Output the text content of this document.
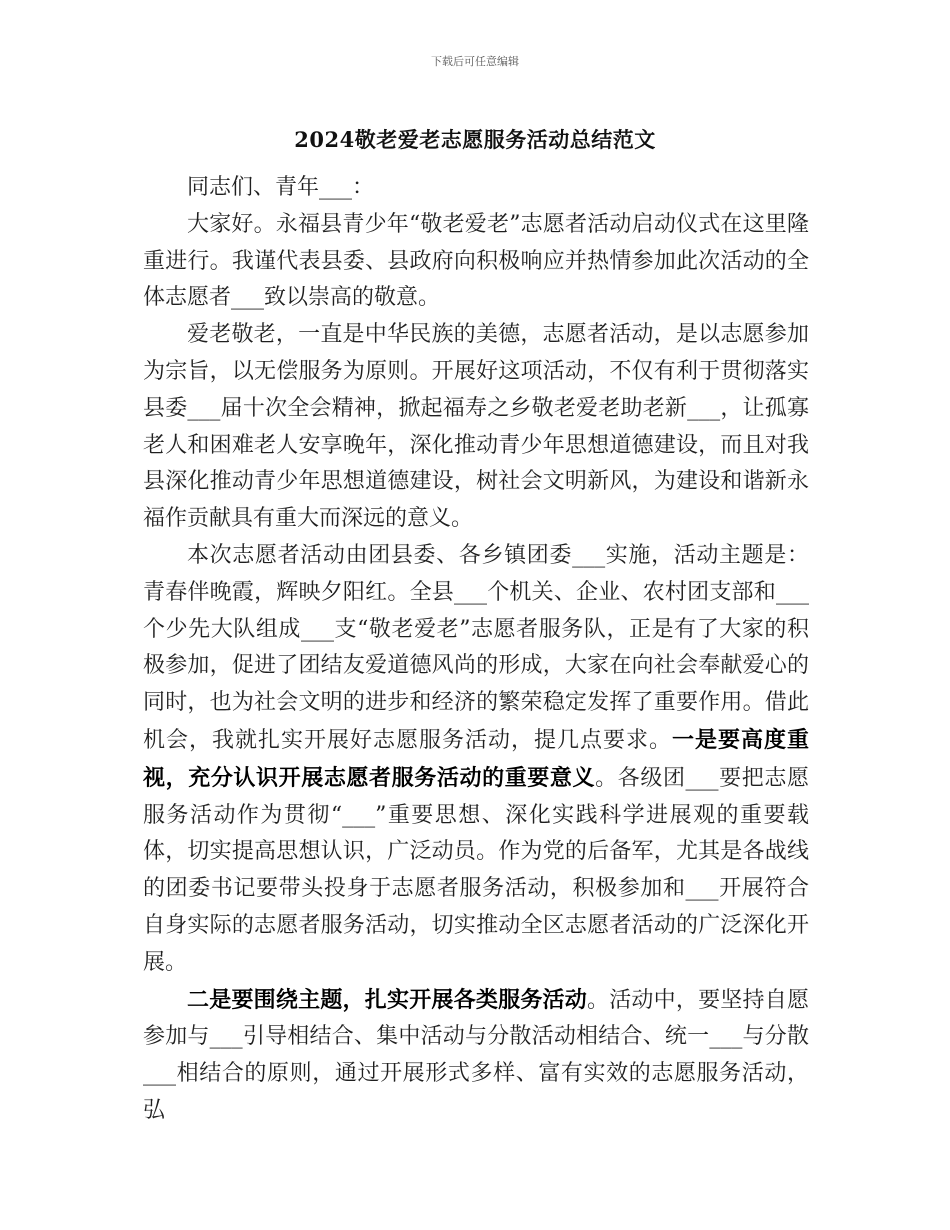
下载后可任意编辑
2024敬老爱老志愿服务活动总结范文

同志们、青年___：

大家好。永福县青少年“敬老爱老”志愿者活动启动仪式在这里隆重进行。我谨代表县委、县政府向积极响应并热情参加此次活动的全体志愿者___致以崇高的敬意。

爱老敬老，一直是中华民族的美德，志愿者活动，是以志愿参加为宗旨，以无偿服务为原则。开展好这项活动，不仅有利于贯彻落实县委___届十次全会精神，掀起福寿之乡敬老爱老助老新___，让孤寡老人和困难老人安享晚年，深化推动青少年思想道德建设，而且对我县深化推动青少年思想道德建设，树社会文明新风，为建设和谐新永福作贡献具有重大而深远的意义。

本次志愿者活动由团县委、各乡镇团委___实施，活动主题是：青春伴晚霞，辉映夕阳红。全县___个机关、企业、农村团支部和___个少先大队组成___支“敬老爱老”志愿者服务队，正是有了大家的积极参加，促进了团结友爱道德风尚的形成，大家在向社会奉献爱心的同时，也为社会文明的进步和经济的繁荣稳定发挥了重要作用。借此机会，我就扎实开展好志愿服务活动，提几点要求。一是要高度重视，充分认识开展志愿者服务活动的重要意义。各级团___要把志愿服务活动作为贯彻“___”重要思想、深化实践科学进展观的重要载体，切实提高思想认识，广泛动员。作为党的后备军，尤其是各战线的团委书记要带头投身于志愿者服务活动，积极参加和___开展符合自身实际的志愿者服务活动，切实推动全区志愿者活动的广泛深化开展。

二是要围绕主题，扎实开展各类服务活动。活动中，要坚持自愿参加与___引导相结合、集中活动与分散活动相结合、统一___与分散___相结合的原则，通过开展形式多样、富有实效的志愿服务活动，弘
